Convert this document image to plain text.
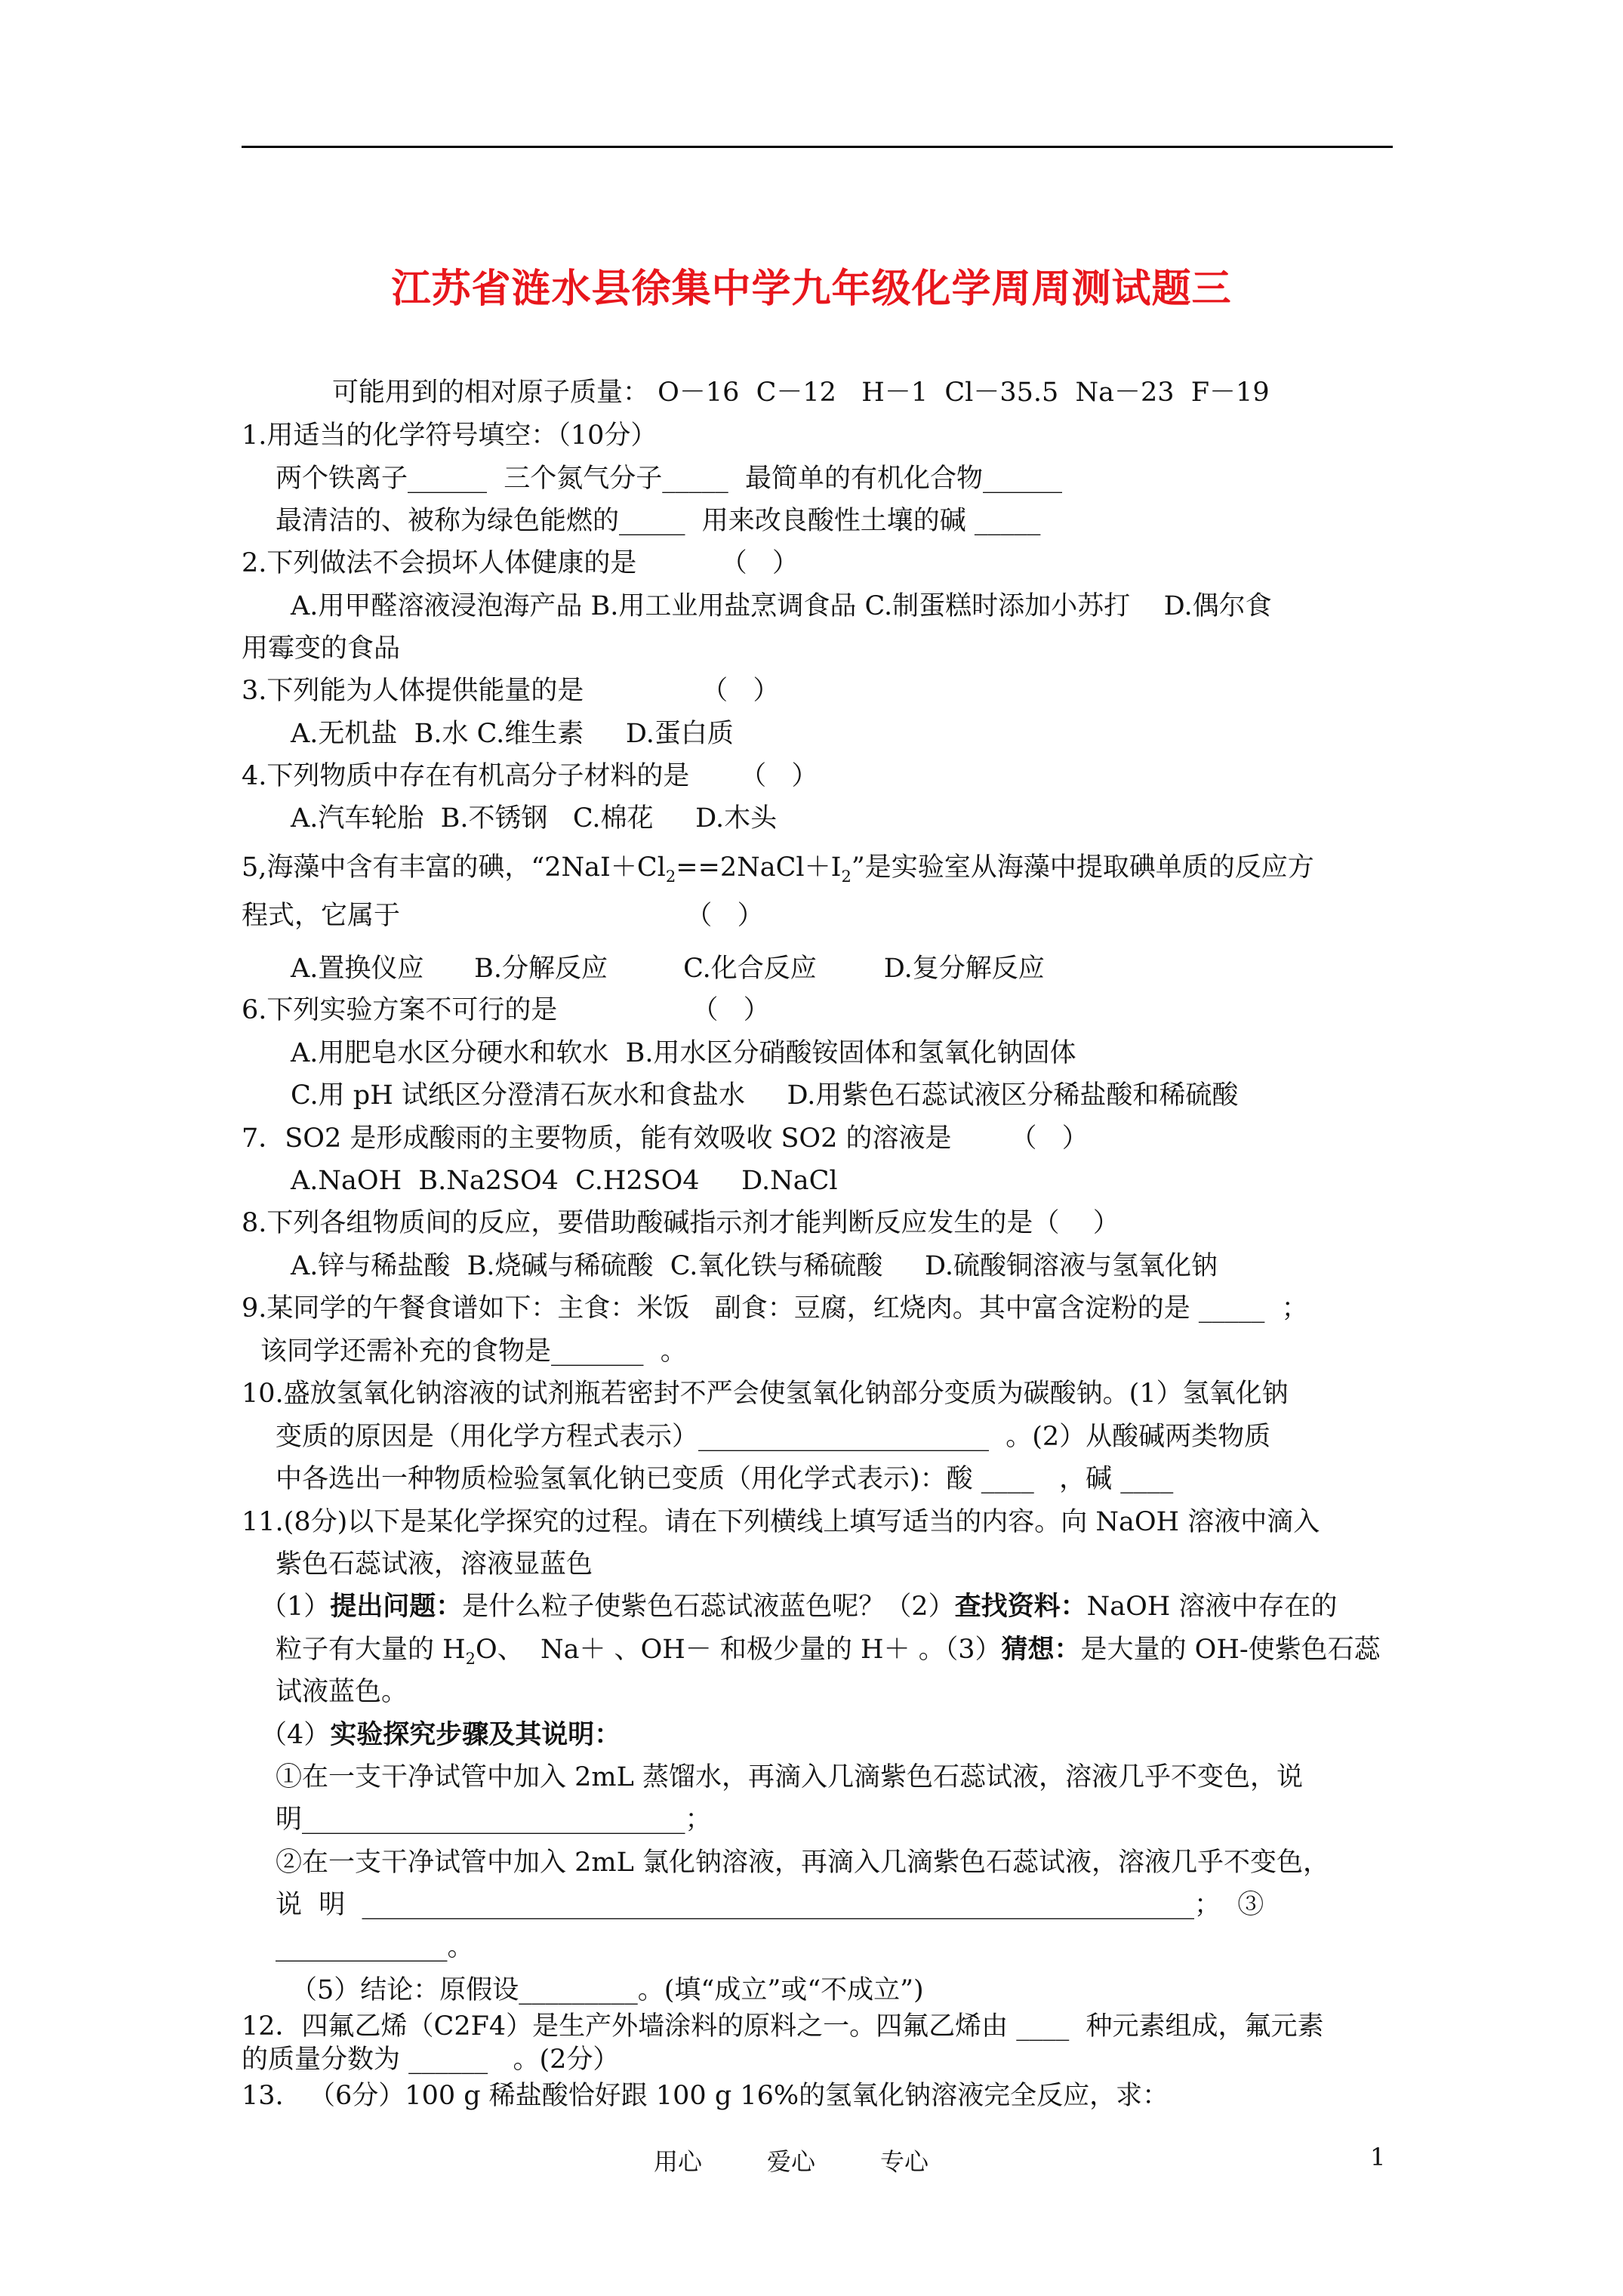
江苏省涟水县徐集中学九年级化学周周测试题三

可能用到的相对原子质量： O－16  C－12   H－1  Cl－35.5  Na－23  F－19

1.用适当的化学符号填空：（10分）

两个铁离子______  三个氮气分子_____  最简单的有机化合物______

最清洁的、被称为绿色能燃的_____  用来改良酸性土壤的碱 _____

2.下列做法不会损坏人体健康的是          （   ）

A.用甲醛溶液浸泡海产品 B.用工业用盐烹调食品 C.制蛋糕时添加小苏打    D.偶尔食

用霉变的食品

3.下列能为人体提供能量的是              （   ）

A.无机盐  B.水 C.维生素     D.蛋白质

4.下列物质中存在有机高分子材料的是      （   ）

A.汽车轮胎  B.不锈钢   C.棉花     D.木头

5,海藻中含有丰富的碘，“$2NaI+Cl_2==2NaCl+I_2$”是实验室从海藻中提取碘单质的反应方

程式，它属于                                  （   ）

A.置换仪应      B.分解反应         C.化合反应        D.复分解反应

6.下列实验方案不可行的是                （   ）

A.用肥皂水区分硬水和软水  B.用水区分硝酸铵固体和氢氧化钠固体

C.用 pH 试纸区分澄清石灰水和食盐水     D.用紫色石蕊试液区分稀盐酸和稀硫酸

7．SO2 是形成酸雨的主要物质，能有效吸收 SO2 的溶液是       （   ）

A.NaOH  B.Na2SO4  C.H2SO4     D.NaCl

8.下列各组物质间的反应，要借助酸碱指示剂才能判断反应发生的是（    ）

A.锌与稀盐酸  B.烧碱与稀硫酸  C.氧化铁与稀硫酸     D.硫酸铜溶液与氢氧化钠

9.某同学的午餐食谱如下：主食：米饭   副食：豆腐，红烧肉。其中富含淀粉的是 _____  ；

该同学还需补充的食物是_______  。

10.盛放氢氧化钠溶液的试剂瓶若密封不严会使氢氧化钠部分变质为碳酸钠。(1）氢氧化钠

变质的原因是（用化学方程式表示）______________________  。(2）从酸碱两类物质

中各选出一种物质检验氢氧化钠已变质（用化学式表示)：酸 ____   ，碱 ____

11.(8分)以下是某化学探究的过程。请在下列横线上填写适当的内容。向 NaOH 溶液中滴入

紫色石蕊试液，溶液显蓝色

（1）提出问题：是什么粒子使紫色石蕊试液蓝色呢？（2）查找资料：NaOH 溶液中存在的

粒子有大量的 $H_2O$、  Na＋ 、OH－ 和极少量的 H＋ 。（3）猜想：是大量的 OH-使紫色石蕊

试液蓝色。

（4）实验探究步骤及其说明：

①在一支干净试管中加入 2mL 蒸馏水，再滴入几滴紫色石蕊试液，溶液几乎不变色，说

明_____________________________；

②在一支干净试管中加入 2mL 氯化钠溶液，再滴入几滴紫色石蕊试液，溶液几乎不变色，

说  明  _______________________________________________________________；  ③

_____________。

（5）结论：原假设_________。(填“成立”或“不成立”)

12．四氟乙烯（C2F4）是生产外墙涂料的原料之一。四氟乙烯由 ____  种元素组成，氟元素

的质量分数为 ______   。(2分）

13.   （6分）100 g 稀盐酸恰好跟 100 g 16%的氢氧化钠溶液完全反应，求：

用心	爱心	专心	1
